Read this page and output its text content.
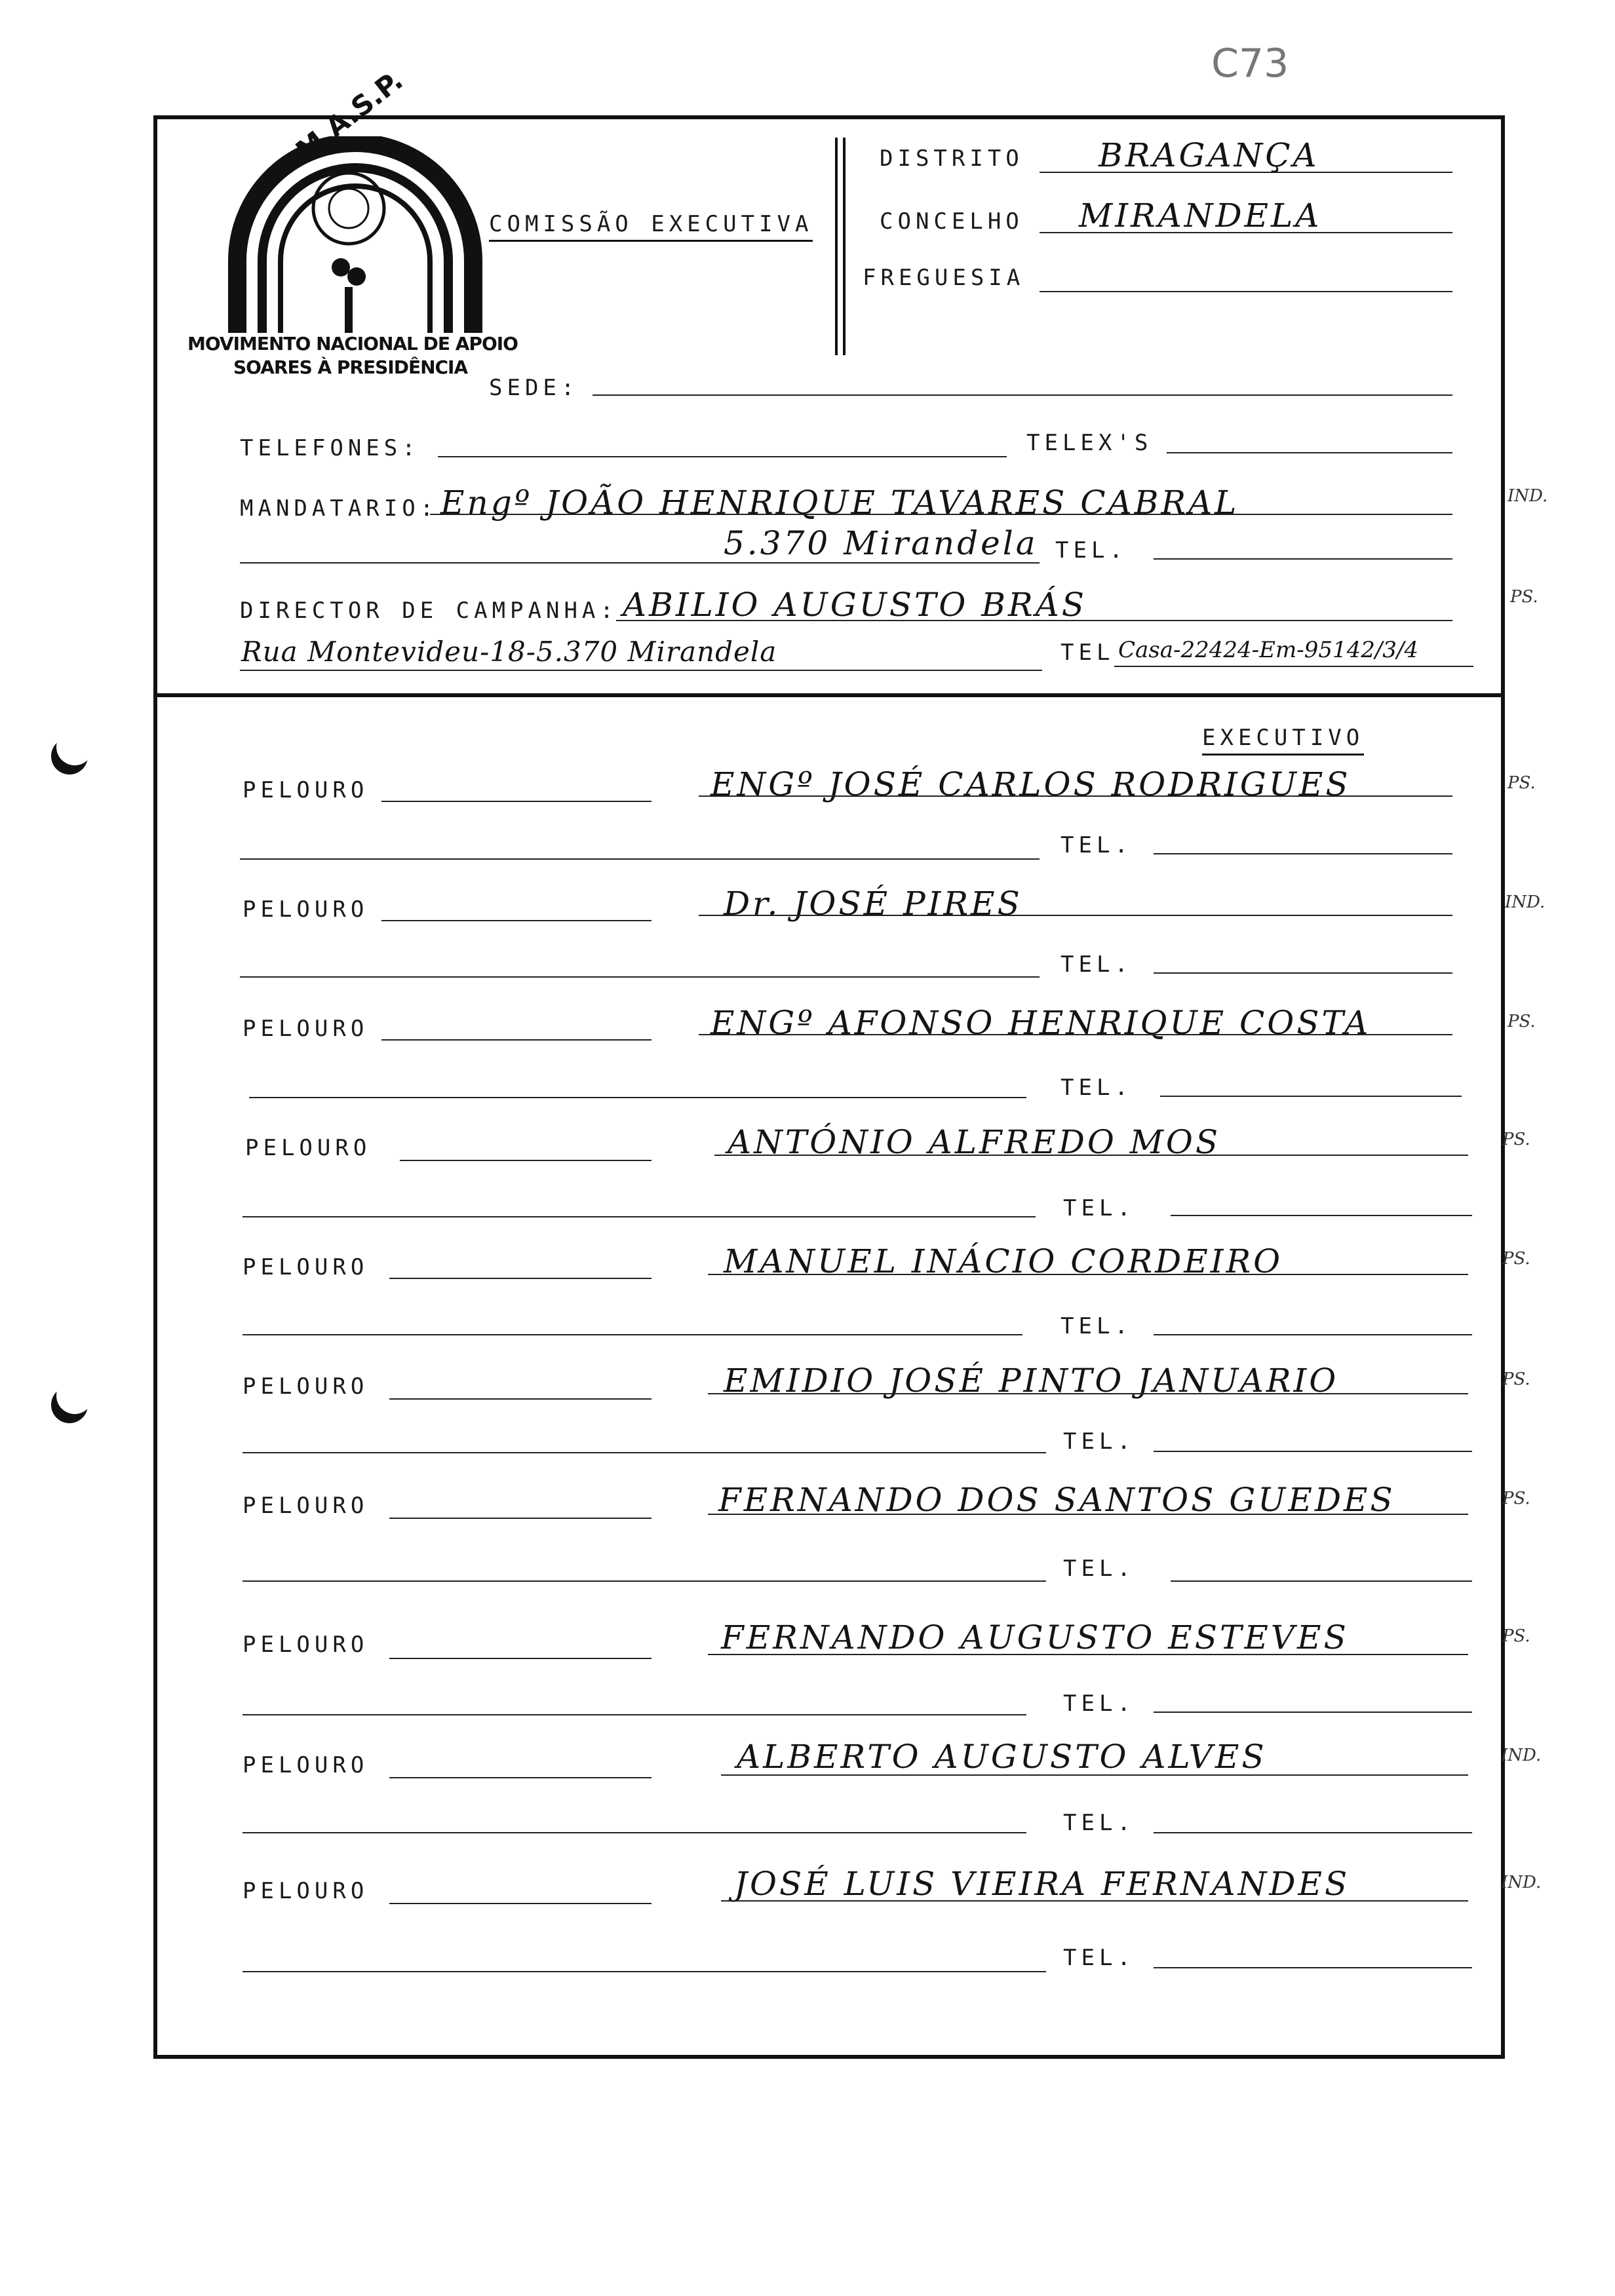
C73
M.A.S.P.
MOVIMENTO NACIONAL DE APOIO
SOARES À PRESIDÊNCIA
COMISSÃO EXECUTIVA
DISTRITO BRAGANÇA
CONCELHO MIRANDELA
FREGUESIA
SEDE:
TELEFONES:	TELEX'S
MANDATARIO: Engº JOÃO HENRIQUE TAVARES CABRAL	IND.
5.370 Mirandela TEL.
DIRECTOR DE CAMPANHA: ABILIO AUGUSTO BRÁS	PS.
Rua Montevideu-18-5.370 Mirandela	TEL Casa-22424-Em-95142/3/4
EXECUTIVO
PELOURO	ENGº JOSÉ CARLOS RODRIGUES	PS.
TEL.
PELOURO	Dr. JOSÉ PIRES	IND.
TEL.
PELOURO	ENGº AFONSO HENRIQUE COSTA	PS.
TEL.
PELOURO	ANTÓNIO ALFREDO MOS	PS.
TEL.
PELOURO	MANUEL INÁCIO CORDEIRO	PS.
TEL.
PELOURO	EMIDIO JOSÉ PINTO JANUARIO	PS.
TEL.
PELOURO	FERNANDO DOS SANTOS GUEDES	PS.
TEL.
PELOURO	FERNANDO AUGUSTO ESTEVES	PS.
TEL.
PELOURO	ALBERTO AUGUSTO ALVES	IND.
TEL.
PELOURO	JOSÉ LUIS VIEIRA FERNANDES	IND.
TEL.
